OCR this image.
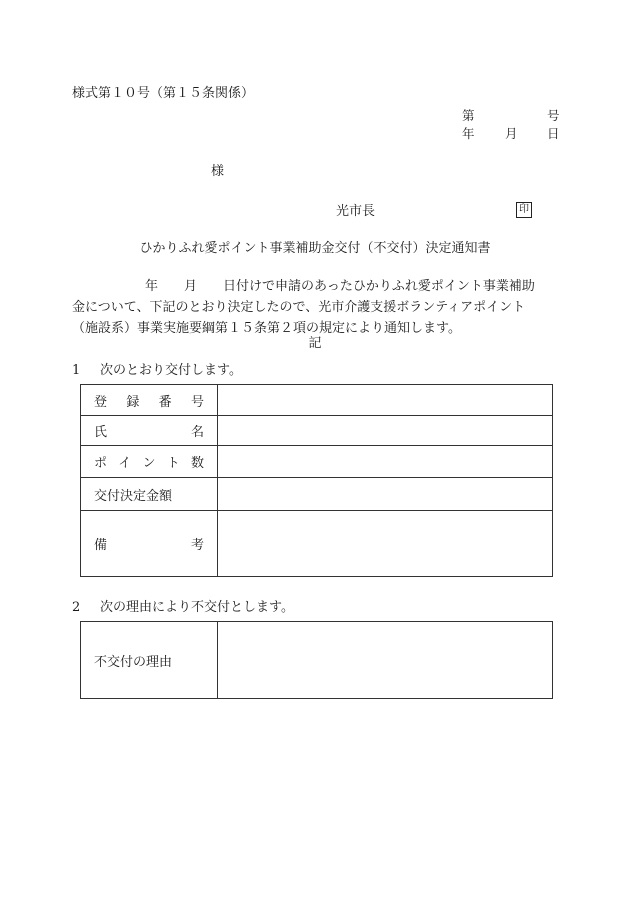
様式第１０号（第１５条関係）
第	号
年 月 日
様
光市長	印
ひかりふれ愛ポイント事業補助金交付（不交付）決定通知書
年 月 日付けで申請のあったひかりふれ愛ポイント事業補助
金について、下記のとおり決定したので、光市介護支援ボランティアポイント
（施設系）事業実施要綱第１５条第２項の規定により通知します。
記
1 次のとおり交付します。
登 録 番 号	

氏 名	

ポ イ ン ト 数	

交付決定金額	

備 考	

2 次の理由により不交付とします。
不交付の理由
